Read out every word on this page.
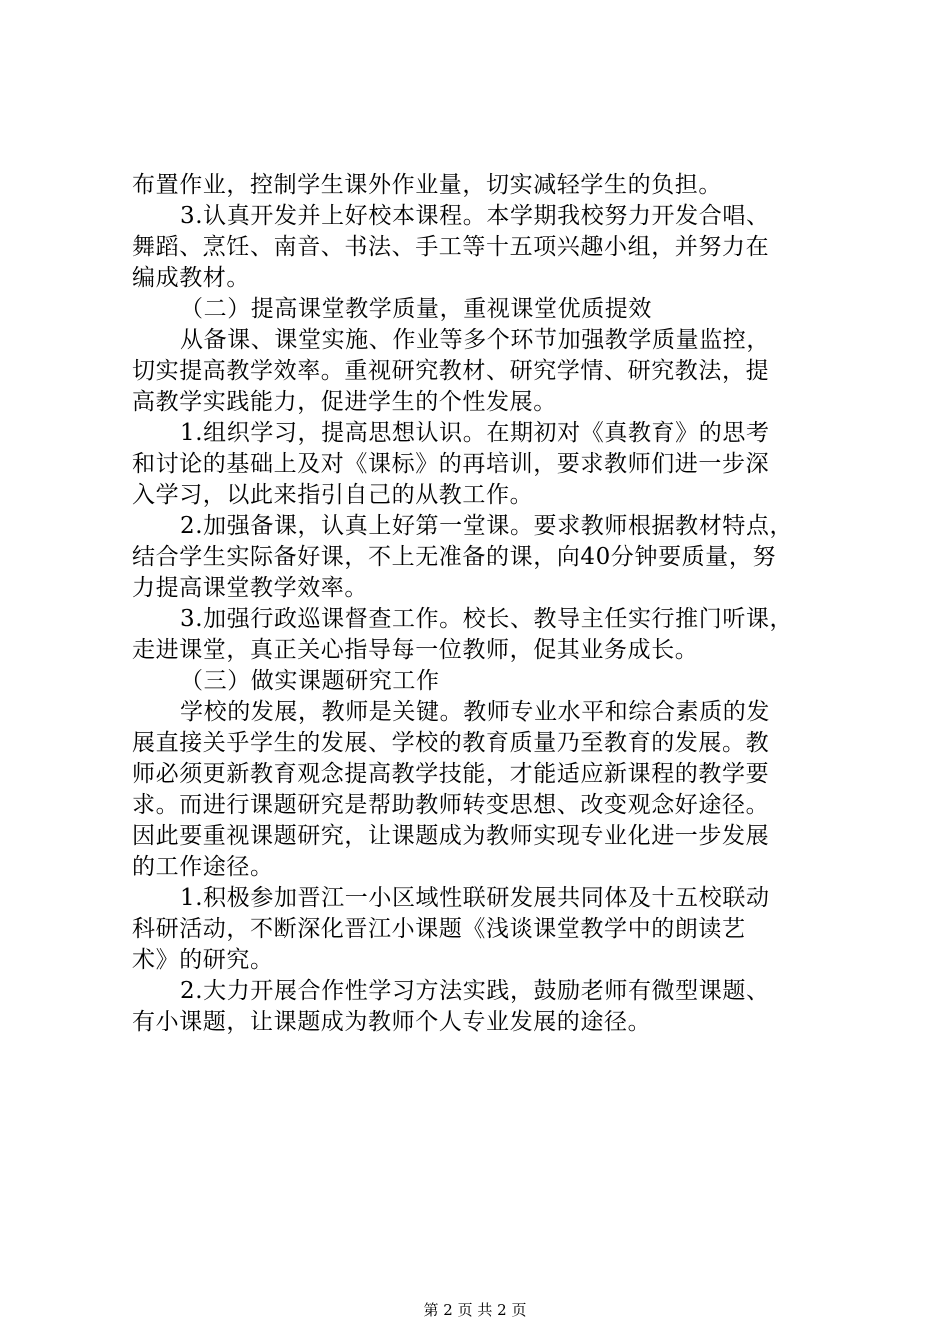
布置作业，控制学生课外作业量，切实减轻学生的负担。
3.认真开发并上好校本课程。本学期我校努力开发合唱、
舞蹈、烹饪、南音、书法、手工等十五项兴趣小组，并努力在
编成教材。
（二）提高课堂教学质量，重视课堂优质提效
从备课、课堂实施、作业等多个环节加强教学质量监控，
切实提高教学效率。重视研究教材、研究学情、研究教法，提
高教学实践能力，促进学生的个性发展。
1.组织学习，提高思想认识。在期初对《真教育》的思考
和讨论的基础上及对《课标》的再培训，要求教师们进一步深
入学习，以此来指引自己的从教工作。
2.加强备课，认真上好第一堂课。要求教师根据教材特点，
结合学生实际备好课，不上无准备的课，向40分钟要质量，努
力提高课堂教学效率。
3.加强行政巡课督查工作。校长、教导主任实行推门听课，
走进课堂，真正关心指导每一位教师，促其业务成长。
（三）做实课题研究工作
学校的发展，教师是关键。教师专业水平和综合素质的发
展直接关乎学生的发展、学校的教育质量乃至教育的发展。教
师必须更新教育观念提高教学技能，才能适应新课程的教学要
求。而进行课题研究是帮助教师转变思想、改变观念好途径。
因此要重视课题研究，让课题成为教师实现专业化进一步发展
的工作途径。
1.积极参加晋江一小区域性联研发展共同体及十五校联动
科研活动，不断深化晋江小课题《浅谈课堂教学中的朗读艺
术》的研究。
2.大力开展合作性学习方法实践，鼓励老师有微型课题、
有小课题，让课题成为教师个人专业发展的途径。
第 2 页 共 2 页
